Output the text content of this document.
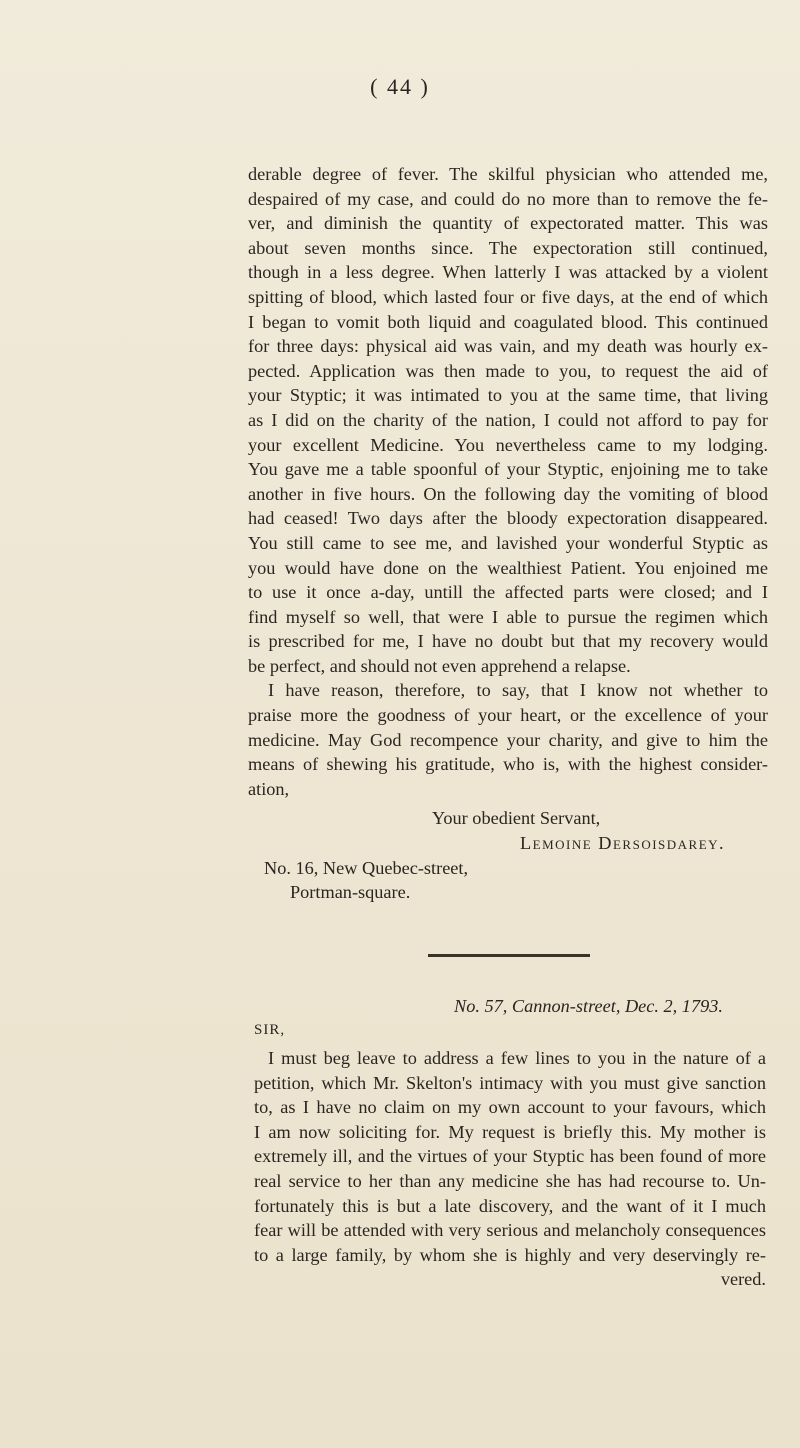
( 44 )
derable degree of fever. The skilful physician who attended me,
despaired of my case, and could do no more than to remove the fe-
ver, and diminish the quantity of expectorated matter. This was
about seven months since. The expectoration still continued,
though in a less degree. When latterly I was attacked by a violent
spitting of blood, which lasted four or five days, at the end of which
I began to vomit both liquid and coagulated blood. This continued
for three days: physical aid was vain, and my death was hourly ex-
pected. Application was then made to you, to request the aid of
your Styptic; it was intimated to you at the same time, that living
as I did on the charity of the nation, I could not afford to pay for
your excellent Medicine. You nevertheless came to my lodging.
You gave me a table spoonful of your Styptic, enjoining me to take
another in five hours. On the following day the vomiting of blood
had ceased! Two days after the bloody expectoration disappeared.
You still came to see me, and lavished your wonderful Styptic as
you would have done on the wealthiest Patient. You enjoined me
to use it once a-day, untill the affected parts were closed; and I
find myself so well, that were I able to pursue the regimen which
is prescribed for me, I have no doubt but that my recovery would
be perfect, and should not even apprehend a relapse.
I have reason, therefore, to say, that I know not whether to
praise more the goodness of your heart, or the excellence of your
medicine. May God recompence your charity, and give to him the
means of shewing his gratitude, who is, with the highest consider-
ation,
Your obedient Servant,
Lemoine Dersoisdarey.
No. 16, New Quebec-street,
Portman-square.
No. 57, Cannon-street, Dec. 2, 1793.
SIR,
I must beg leave to address a few lines to you in the nature of a
petition, which Mr. Skelton's intimacy with you must give sanction
to, as I have no claim on my own account to your favours, which
I am now soliciting for. My request is briefly this. My mother is
extremely ill, and the virtues of your Styptic has been found of more
real service to her than any medicine she has had recourse to. Un-
fortunately this is but a late discovery, and the want of it I much
fear will be attended with very serious and melancholy consequences
to a large family, by whom she is highly and very deservingly re-
vered.
